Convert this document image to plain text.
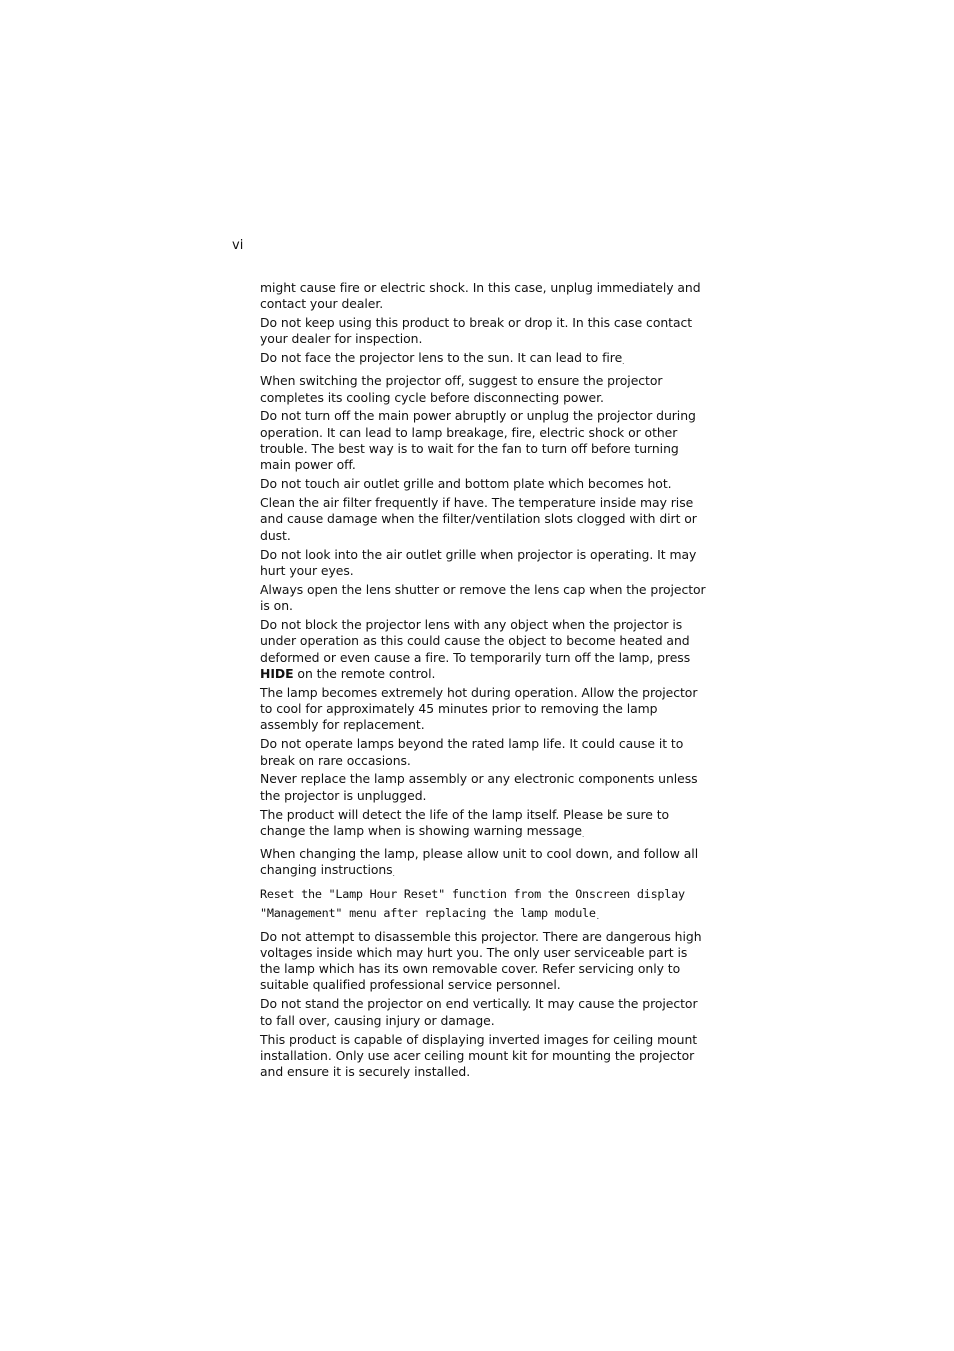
vi

might cause fire or electric shock. In this case, unplug immediately and contact your dealer.

Do not keep using this product to break or drop it. In this case contact your dealer for inspection.

Do not face the projector lens to the sun. It can lead to fire.

When switching the projector off, suggest to ensure the projector completes its cooling cycle before disconnecting power.

Do not turn off the main power abruptly or unplug the projector during operation. It can lead to lamp breakage, fire, electric shock or other trouble. The best way is to wait for the fan to turn off before turning main power off.

Do not touch air outlet grille and bottom plate which becomes hot.

Clean the air filter frequently if have. The temperature inside may rise and cause damage when the filter/ventilation slots clogged with dirt or dust.

Do not look into the air outlet grille when projector is operating. It may hurt your eyes.

Always open the lens shutter or remove the lens cap when the projector is on.

Do not block the projector lens with any object when the projector is under operation as this could cause the object to become heated and deformed or even cause a fire. To temporarily turn off the lamp, press HIDE on the remote control.

The lamp becomes extremely hot during operation. Allow the projector to cool for approximately 45 minutes prior to removing the lamp assembly for replacement.

Do not operate lamps beyond the rated lamp life. It could cause it to break on rare occasions.

Never replace the lamp assembly or any electronic components unless the projector is unplugged.

The product will detect the life of the lamp itself. Please be sure to change the lamp when is showing warning message.

When changing the lamp, please allow unit to cool down, and follow all changing instructions.

Reset the "Lamp Hour Reset" function from the Onscreen display
"Management" menu after replacing the lamp module.

Do not attempt to disassemble this projector. There are dangerous high voltages inside which may hurt you. The only user serviceable part is the lamp which has its own removable cover. Refer servicing only to suitable qualified professional service personnel.

Do not stand the projector on end vertically. It may cause the projector to fall over, causing injury or damage.

This product is capable of displaying inverted images for ceiling mount installation. Only use acer ceiling mount kit for mounting the projector and ensure it is securely installed.
